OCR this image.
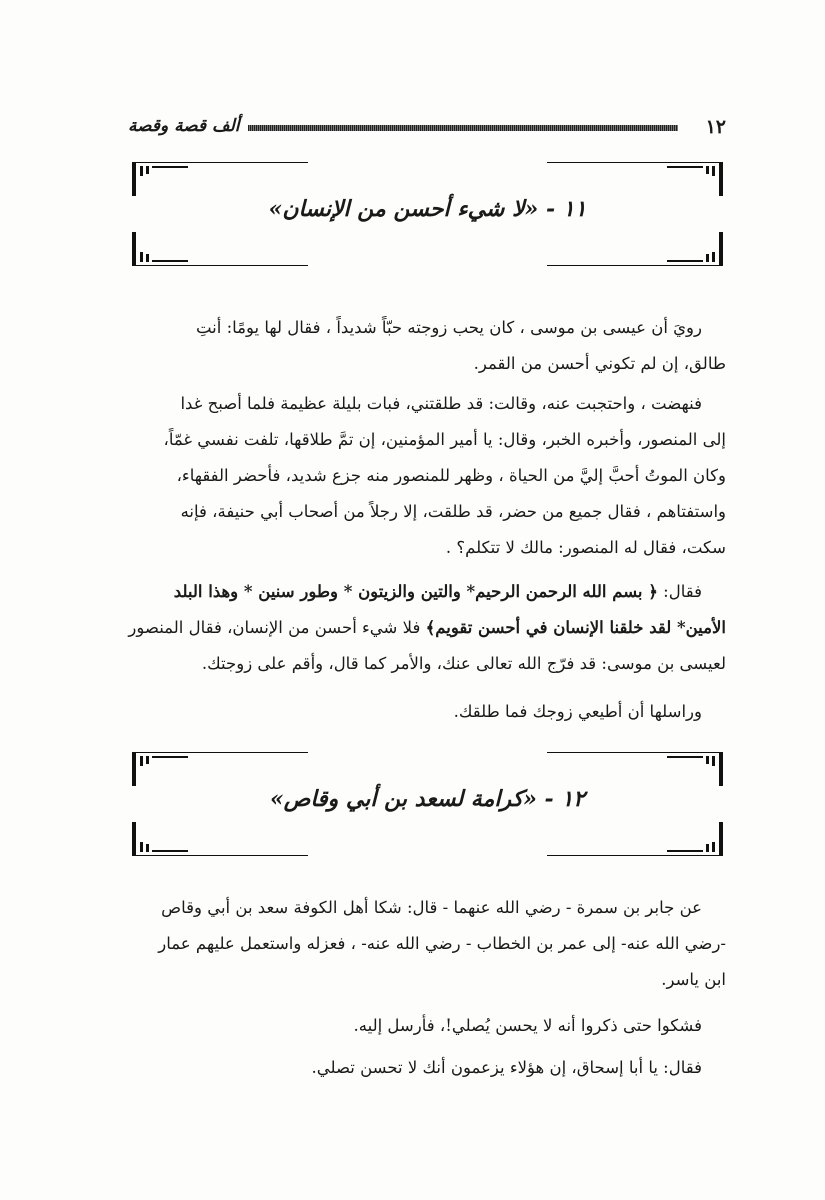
ألف قصة وقصة	١٢
١١ - «لا شيء أحسن من الإنسان»
رويَ أن عيسى بن موسى ، كان يحب زوجته حبّاً شديداً ، فقال لها يومًا: أنتِ
طالق، إن لم تكوني أحسن من القمر.
فنهضت ، واحتجبت عنه، وقالت: قد طلقتني، فبات بليلة عظيمة فلما أصبح غدا
إلى المنصور، وأخبره الخبر، وقال: يا أمير المؤمنين، إن تمَّ طلاقها، تلفت نفسي غمّاً،
وكان الموتُ أحبَّ إليَّ من الحياة ، وظهر للمنصور منه جزع شديد، فأحضر الفقهاء،
واستفتاهم ، فقال جميع من حضر، قد طلقت، إلا رجلاً من أصحاب أبي حنيفة، فإنه
سكت، فقال له المنصور: مالك لا تتكلم؟ .
فقال: ﴿ بسم الله الرحمن الرحيم* والتين والزيتون * وطور سنين * وهذا البلد
الأمين* لقد خلقنا الإنسان في أحسن تقويم﴾ فلا شيء أحسن من الإنسان، فقال المنصور
لعيسى بن موسى: قد فرّج الله تعالى عنك، والأمر كما قال، وأقم على زوجتك.
وراسلها أن أطيعي زوجك فما طلقك.
١٢ - «كرامة لسعد بن أبي وقاص»
عن جابر بن سمرة - رضي الله عنهما - قال: شكا أهل الكوفة سعد بن أبي وقاص
-رضي الله عنه- إلى عمر بن الخطاب - رضي الله عنه- ، فعزله واستعمل عليهم عمار
ابن ياسر.
فشكوا حتى ذكروا أنه لا يحسن يُصلي!، فأرسل إليه.
فقال: يا أبا إسحاق، إن هؤلاء يزعمون أنك لا تحسن تصلي.
